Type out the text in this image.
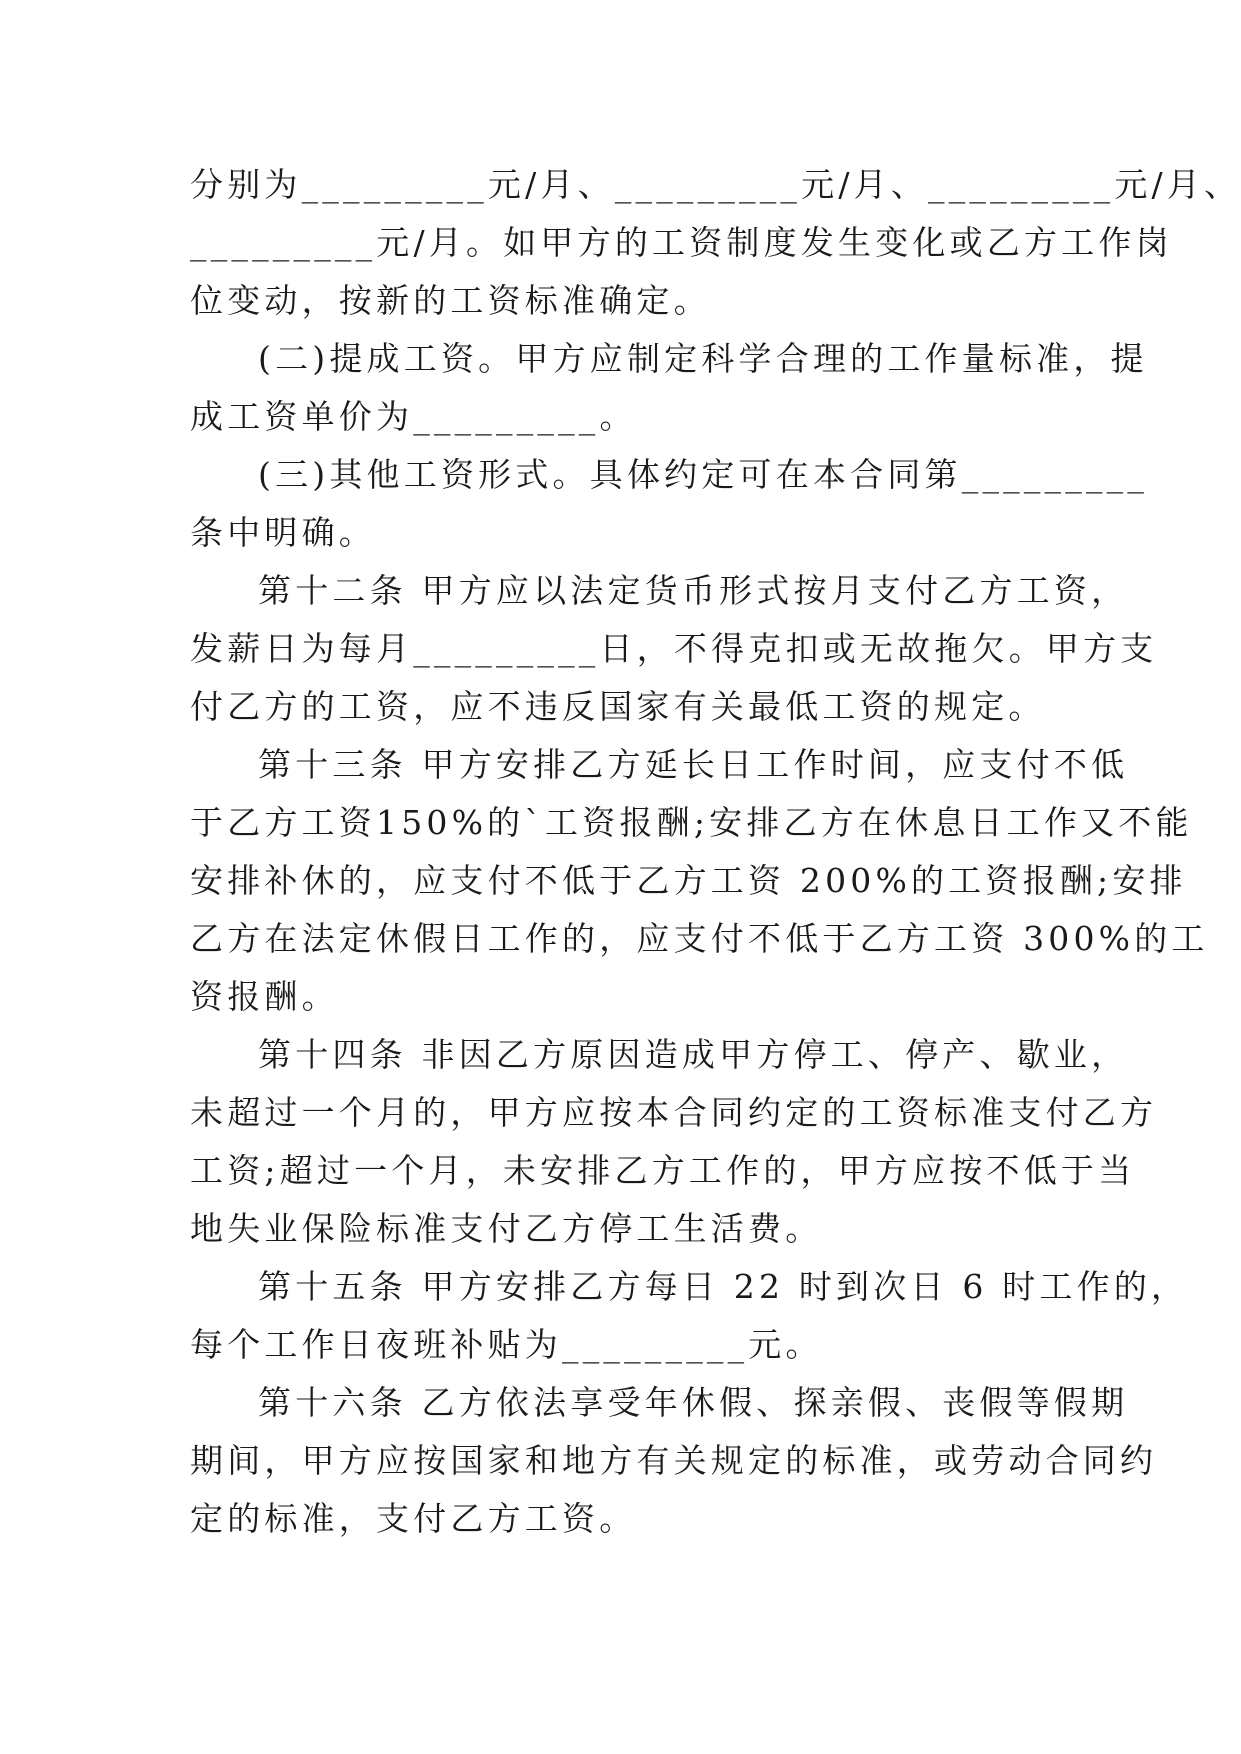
分别为_________元/月、_________元/月、_________元/月、
_________元/月。如甲方的工资制度发生变化或乙方工作岗
位变动，按新的工资标准确定。
(二)提成工资。甲方应制定科学合理的工作量标准，提
成工资单价为_________。
(三)其他工资形式。具体约定可在本合同第_________
条中明确。
第十二条 甲方应以法定货币形式按月支付乙方工资，
发薪日为每月_________日，不得克扣或无故拖欠。甲方支
付乙方的工资，应不违反国家有关最低工资的规定。
第十三条 甲方安排乙方延长日工作时间，应支付不低
于乙方工资150%的`工资报酬;安排乙方在休息日工作又不能
安排补休的，应支付不低于乙方工资 200%的工资报酬;安排
乙方在法定休假日工作的，应支付不低于乙方工资 300%的工
资报酬。
第十四条 非因乙方原因造成甲方停工、停产、歇业，
未超过一个月的，甲方应按本合同约定的工资标准支付乙方
工资;超过一个月，未安排乙方工作的，甲方应按不低于当
地失业保险标准支付乙方停工生活费。
第十五条 甲方安排乙方每日 22 时到次日 6 时工作的，
每个工作日夜班补贴为_________元。
第十六条 乙方依法享受年休假、探亲假、丧假等假期
期间，甲方应按国家和地方有关规定的标准，或劳动合同约
定的标准，支付乙方工资。
